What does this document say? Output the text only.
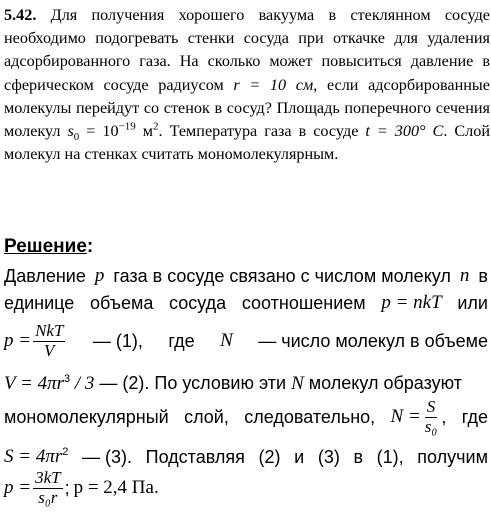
5.42. Для получения хорошего вакуума в стеклянном сосуде необходимо подогревать стенки сосуда при откачке для удаления адсорбированного газа. На сколько может повыситься давление в сферическом сосуде радиусом r = 10 см, если адсорбированные молекулы перейдут со стенок в сосуд? Площадь поперечного сечения молекул $s_0 = 10^{-19}$ $м^2$. Температура газа в сосуде t = 300° С. Слой молекул на стенках считать мономолекулярным.
Решение:
Давление p газа в сосуде связано с числом молекул n в
единице объема сосуда соотношением p = nkT или
$p = \frac{\text{NkT}}{V}$ — (1), где N — число молекул в объеме
$V = 4\pi r^3 / 3$ — (2). По условию эти N молекул образуют
мономолекулярный слой, следовательно, $N = \frac{S}{\text{s₀}}$ , где
$S = 4\pi r^2$ — (3). Подставляя (2) и (3) в (1), получим
$p = \frac{3kT}{\text{s₀r}}$ ; p = 2,4 Па.
